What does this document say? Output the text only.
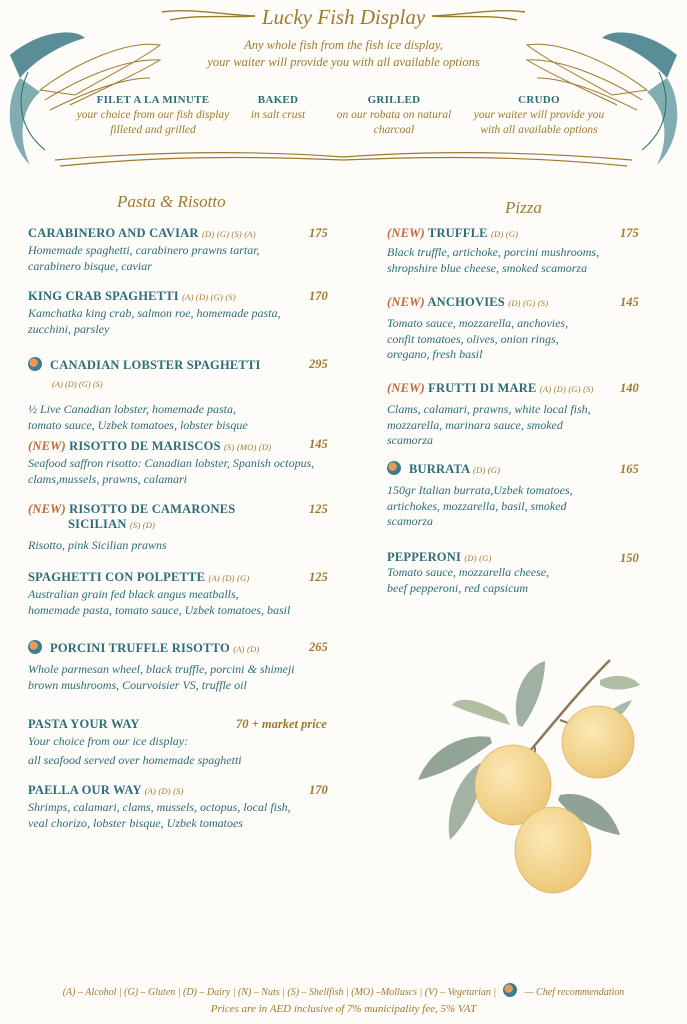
Lucky Fish Display
Any whole fish from the fish ice display,
your waiter will provide you with all available options
FILET A LA MINUTE
your choice from our fish display
filleted and grilled
BAKED
in salt crust
GRILLED
on our robata on natural
charcoal
CRUDO
your waiter will provide you
with all available options
Pasta & Risotto
CARABINERO AND CAVIAR (D) (G) (S) (A)
Homemade spaghetti, carabinero prawns tartar,
carabinero bisque, caviar
175
KING CRAB SPAGHETTI (A) (D) (G) (S)
Kamchatka king crab, salmon roe, homemade pasta,
zucchini, parsley
170
CANADIAN LOBSTER SPAGHETTI
(A) (D) (G) (S)
½ Live Canadian lobster, homemade pasta,
tomato sauce, Uzbek tomatoes, lobster bisque
295
(NEW) RISOTTO DE MARISCOS (S) (MO) (D)
Seafood saffron risotto: Canadian lobster, Spanish octopus,
clams,mussels, prawns, calamari
145
(NEW) RISOTTO DE CAMARONES
SICILIAN (S) (D)
Risotto, pink Sicilian prawns
125
SPAGHETTI CON POLPETTE (A) (D) (G)
Australian grain fed black angus meatballs,
homemade pasta, tomato sauce, Uzbek tomatoes, basil
125
PORCINI TRUFFLE RISOTTO (A) (D)
Whole parmesan wheel, black truffle, porcini & shimeji
brown mushrooms, Courvoisier VS, truffle oil
265
PASTA YOUR WAY
Your choice from our ice display:
all seafood served over homemade spaghetti
70 + market price
PAELLA OUR WAY (A) (D) (S)
Shrimps, calamari, clams, mussels, octopus, local fish,
veal chorizo, lobster bisque, Uzbek tomatoes
170
Pizza
(NEW) TRUFFLE (D) (G)
Black truffle, artichoke, porcini mushrooms,
shropshire blue cheese, smoked scamorza
175
(NEW) ANCHOVIES (D) (G) (S)
Tomato sauce, mozzarella, anchovies,
confit tomatoes, olives, onion rings,
oregano, fresh basil
145
(NEW) FRUTTI DI MARE (A) (D) (G) (S)
Clams, calamari, prawns, white local fish,
mozzarella, marinara sauce, smoked
scamorza
140
BURRATA (D) (G)
150gr Italian burrata,Uzbek tomatoes,
artichokes, mozzarella, basil, smoked
scamorza
165
PEPPERONI (D) (G)
Tomato sauce, mozzarella cheese,
beef pepperoni, red capsicum
150
(A) – Alcohol | (G) – Gluten | (D) – Dairy | (N) – Nuts | (S) – Shellfish | (MO) –Molluscs | (V) – Vegetarian |	— Chef recommendation
Prices are in AED inclusive of 7% municipality fee, 5% VAT
